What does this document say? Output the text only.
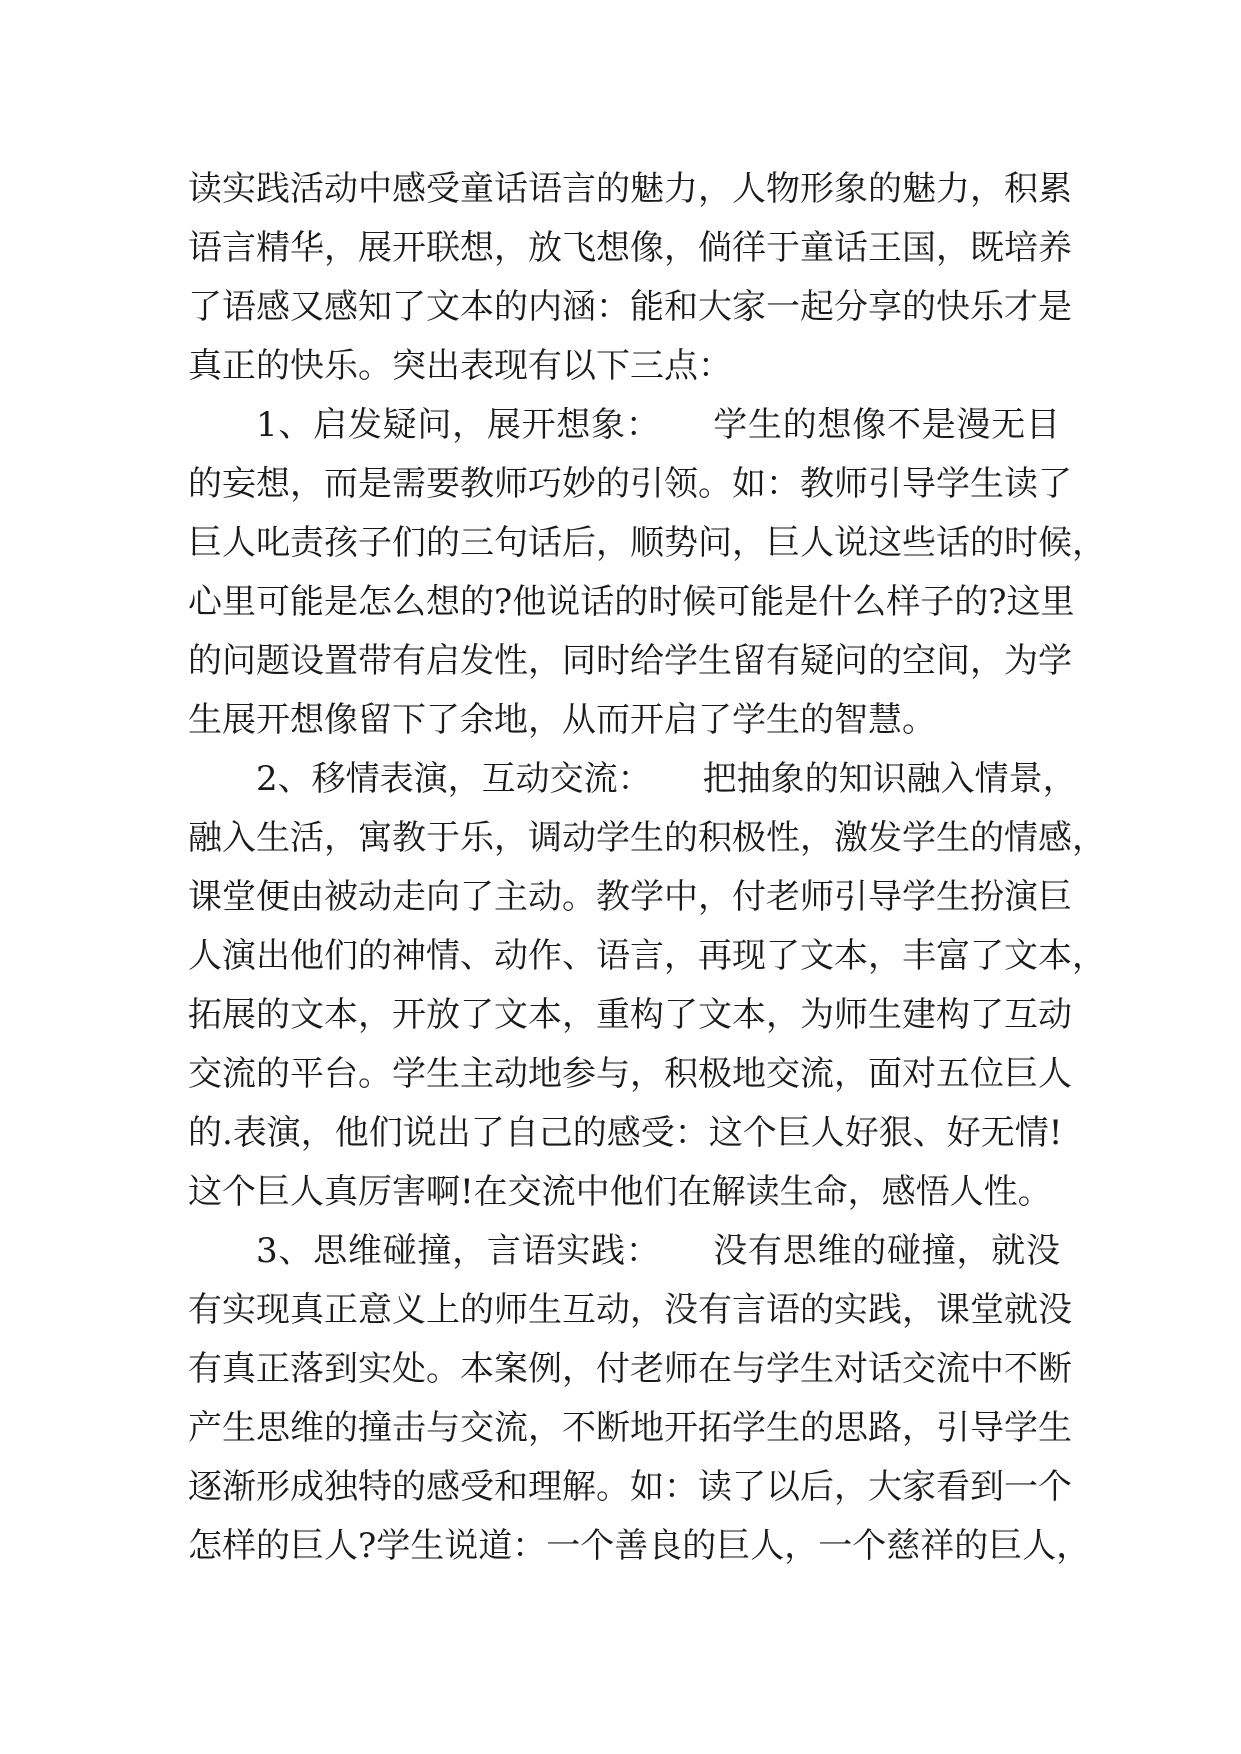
读实践活动中感受童话语言的魅力，人物形象的魅力，积累
语言精华，展开联想，放飞想像，倘徉于童话王国，既培养
了语感又感知了文本的内涵：能和大家一起分享的快乐才是
真正的快乐。突出表现有以下三点：
1、启发疑问，展开想象：　　学生的想像不是漫无目
的妄想，而是需要教师巧妙的引领。如：教师引导学生读了
巨人叱责孩子们的三句话后，顺势问，巨人说这些话的时候，
心里可能是怎么想的?他说话的时候可能是什么样子的?这里
的问题设置带有启发性，同时给学生留有疑问的空间，为学
生展开想像留下了余地，从而开启了学生的智慧。
2、移情表演，互动交流：　　把抽象的知识融入情景，
融入生活，寓教于乐，调动学生的积极性，激发学生的情感，
课堂便由被动走向了主动。教学中，付老师引导学生扮演巨
人演出他们的神情、动作、语言，再现了文本，丰富了文本，
拓展的文本，开放了文本，重构了文本，为师生建构了互动
交流的平台。学生主动地参与，积极地交流，面对五位巨人
的.表演，他们说出了自己的感受：这个巨人好狠、好无情!
这个巨人真厉害啊!在交流中他们在解读生命，感悟人性。
3、思维碰撞，言语实践：　　没有思维的碰撞，就没
有实现真正意义上的师生互动，没有言语的实践，课堂就没
有真正落到实处。本案例，付老师在与学生对话交流中不断
产生思维的撞击与交流，不断地开拓学生的思路，引导学生
逐渐形成独特的感受和理解。如：读了以后，大家看到一个
怎样的巨人?学生说道：一个善良的巨人，一个慈祥的巨人，
